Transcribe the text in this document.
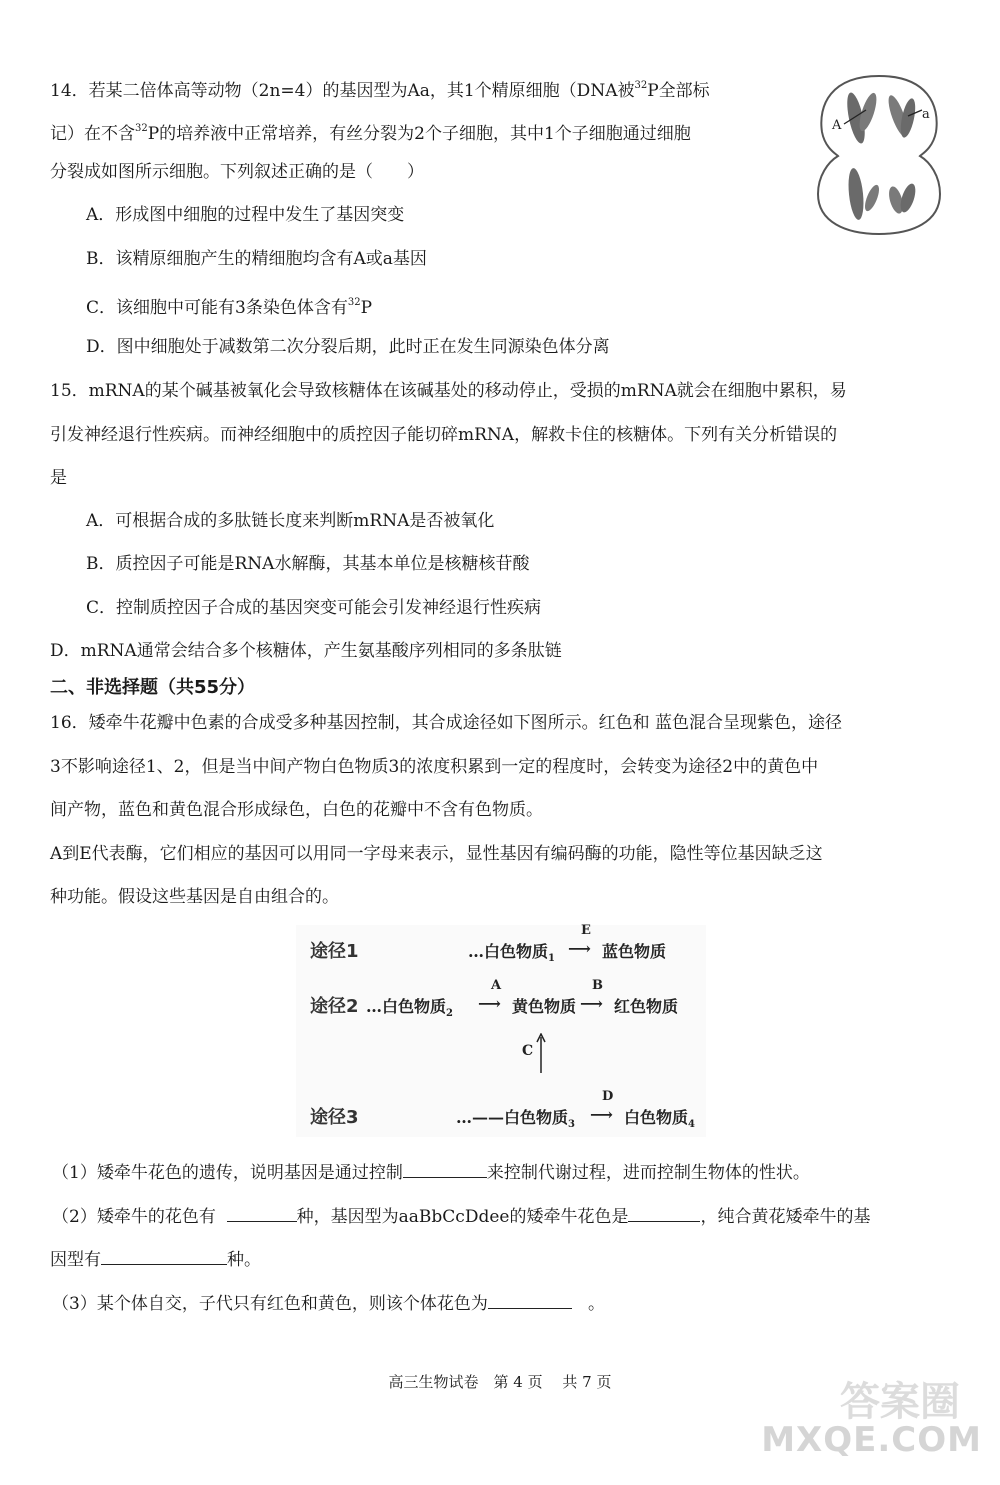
14．若某二倍体高等动物（2n=4）的基因型为Aa，其1个精原细胞（DNA被$^{32}$P全部标
记）在不含$^{32}$P的培养液中正常培养，有丝分裂为2个子细胞，其中1个子细胞通过细胞
分裂成如图所示细胞。下列叙述正确的是（　　）
A．形成图中细胞的过程中发生了基因突变
B．该精原细胞产生的精细胞均含有A或a基因
C．该细胞中可能有3条染色体含有$^{32}$P
D．图中细胞处于减数第二次分裂后期，此时正在发生同源染色体分离
A
a
15．mRNA的某个碱基被氧化会导致核糖体在该碱基处的移动停止，受损的mRNA就会在细胞中累积，易
引发神经退行性疾病。而神经细胞中的质控因子能切碎mRNA，解救卡住的核糖体。下列有关分析错误的
是
A．可根据合成的多肽链长度来判断mRNA是否被氧化
B．质控因子可能是RNA水解酶，其基本单位是核糖核苷酸
C．控制质控因子合成的基因突变可能会引发神经退行性疾病
D．mRNA通常会结合多个核糖体，产生氨基酸序列相同的多条肽链
二、非选择题（共55分）
16．矮牵牛花瓣中色素的合成受多种基因控制，其合成途径如下图所示。红色和 蓝色混合呈现紫色，途径
3不影响途径1、2，但是当中间产物白色物质3的浓度积累到一定的程度时，会转变为途径2中的黄色中
间产物，蓝色和黄色混合形成绿色，白色的花瓣中不含有色物质。
A到E代表酶，它们相应的基因可以用同一字母来表示，显性基因有编码酶的功能，隐性等位基因缺乏这
种功能。假设这些基因是自由组合的。
途径1	…白色物质$_1$
E
⟶ 蓝色物质
途径2 …白色物质$_2$
A
⟶ 黄色物质
B
⟶ 红色物质
C
途径3	…——白色物质$_3$
D
⟶ 白色物质$_4$
（1）矮牵牛花色的遗传，说明基因是通过控制	来控制代谢过程，进而控制生物体的性状。
（2）矮牵牛的花色有	种，基因型为aaBbCcDdee的矮牵牛花色是	，纯合黄花矮牵牛的基
因型有	种。
（3）某个体自交，子代只有红色和黄色，则该个体花色为	。
高三生物试卷　第 4 页　 共 7 页	答案圈
MXQE.COM
